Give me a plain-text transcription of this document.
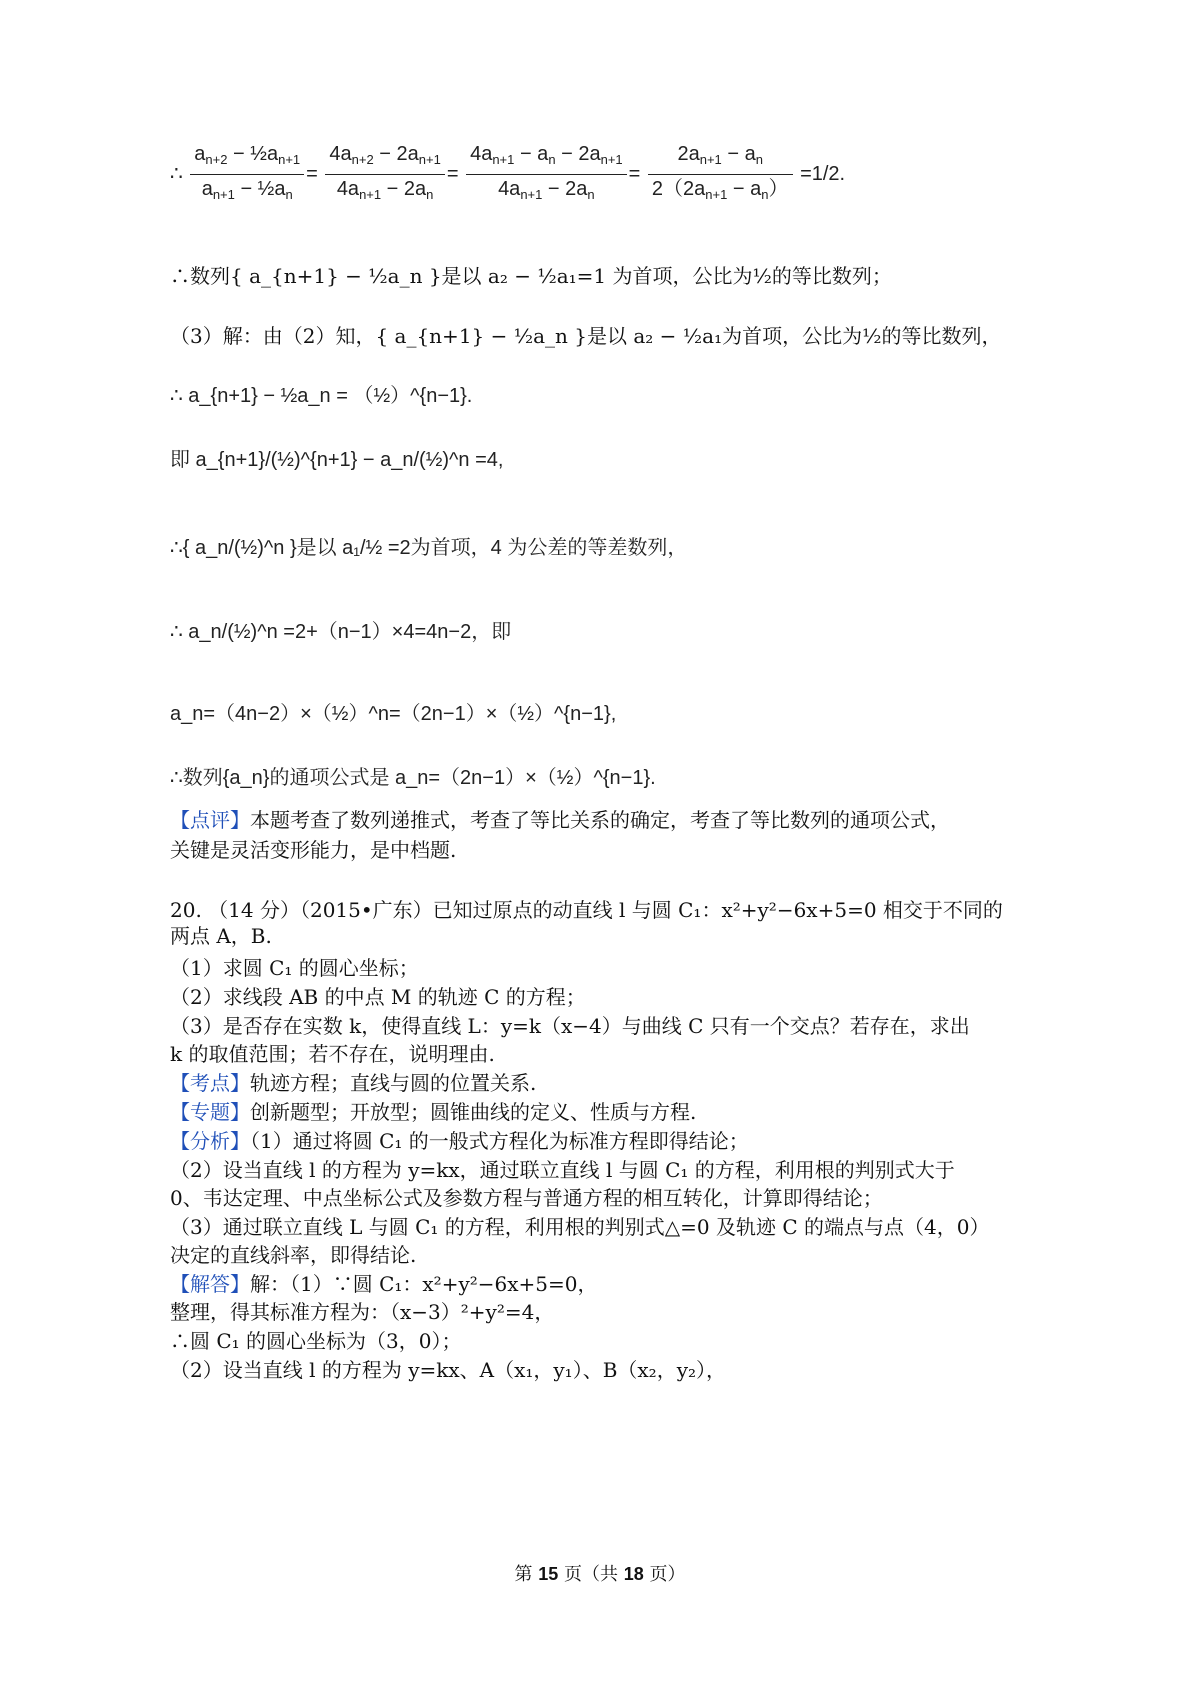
∴ $\frac{a_{n+2} - \frac{1}{2}a_{n+1}}{a_{n+1} - \frac{1}{2}a_n} = \frac{4a_{n+2} - 2a_{n+1}}{4a_{n+1} - 2a_n} = \frac{4a_{n+1} - a_n - 2a_{n+1}}{4a_{n+1} - 2a_n} = \frac{2a_{n+1} - a_n}{2(2a_{n+1} - a_n)} =1/2$.
∴数列{ a_{n+1} − ½a_n }是以 a₂ − ½a₁=1 为首项，公比为½的等比数列；
（3）解：由（2）知，{ a_{n+1} − ½a_n }是以 a₂ − ½a₁为首项，公比为½的等比数列，
∴ a_{n+1} − ½a_n = （½）^{n−1}.
即 a_{n+1}/(½)^{n+1} − a_n/(½)^n =4,
∴{ a_n/(½)^n }是以 a₁/½ =2为首项，4 为公差的等差数列，
∴ a_n/(½)^n =2+（n−1）×4=4n−2，即
a_n=（4n−2）×（½）^n=（2n−1）×（½）^{n−1},
∴数列{a_n}的通项公式是 a_n=（2n−1）×（½）^{n−1}.
【点评】本题考查了数列递推式，考查了等比关系的确定，考查了等比数列的通项公式，
关键是灵活变形能力，是中档题.
20. （14 分）（2015•广东）已知过原点的动直线 l 与圆 C₁：x²+y²−6x+5=0 相交于不同的
两点 A，B.
（1）求圆 C₁ 的圆心坐标；
（2）求线段 AB 的中点 M 的轨迹 C 的方程；
（3）是否存在实数 k，使得直线 L：y=k（x−4）与曲线 C 只有一个交点？若存在，求出
k 的取值范围；若不存在，说明理由.
【考点】轨迹方程；直线与圆的位置关系.
【专题】创新题型；开放型；圆锥曲线的定义、性质与方程.
【分析】（1）通过将圆 C₁ 的一般式方程化为标准方程即得结论；
（2）设当直线 l 的方程为 y=kx，通过联立直线 l 与圆 C₁ 的方程，利用根的判别式大于
0、韦达定理、中点坐标公式及参数方程与普通方程的相互转化，计算即得结论；
（3）通过联立直线 L 与圆 C₁ 的方程，利用根的判别式△=0 及轨迹 C 的端点与点（4，0）
决定的直线斜率，即得结论.
【解答】解：（1）∵圆 C₁：x²+y²−6x+5=0，
整理，得其标准方程为：（x−3）²+y²=4，
∴圆 C₁ 的圆心坐标为（3，0）；
（2）设当直线 l 的方程为 y=kx、A（x₁，y₁）、B（x₂，y₂），
第 15 页（共 18 页）
